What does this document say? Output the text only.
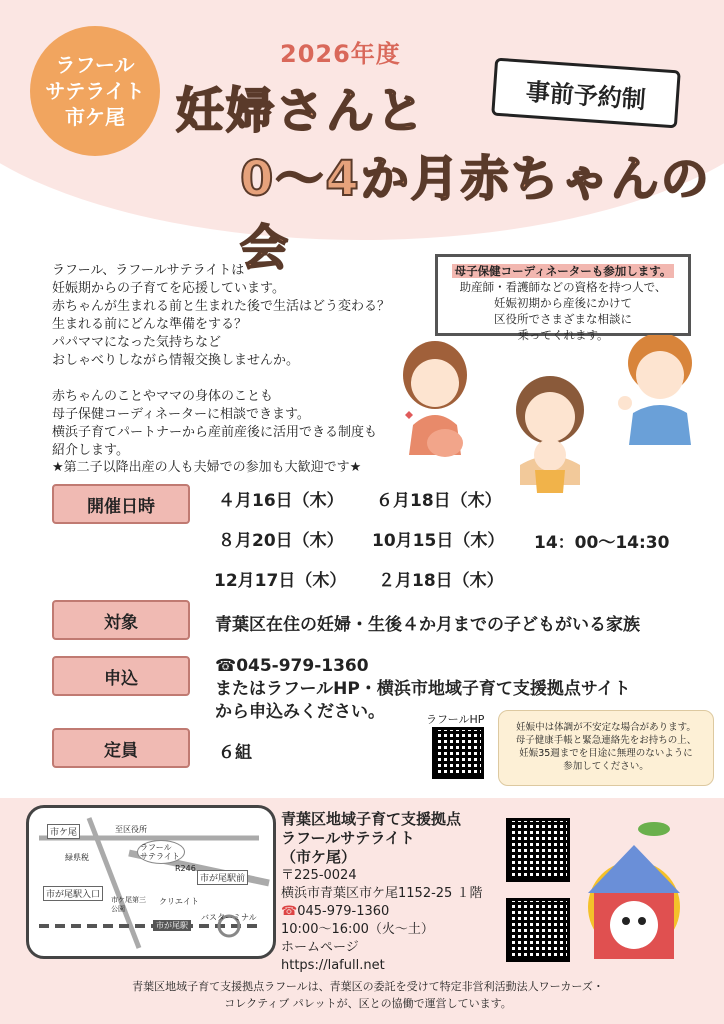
ラフール
サテライト
市ケ尾
2026年度
妊婦さんと
0～4か月赤ちゃんの会
事前予約制

ラフール、ラフールサテライトは
妊娠期からの子育てを応援しています。
赤ちゃんが生まれる前と生まれた後で生活はどう変わる？
生まれる前にどんな準備をする？
パパママになった気持ちなど
おしゃべりしながら情報交換しませんか。

赤ちゃんのことやママの身体のことも
母子保健コーディネーターに相談できます。
横浜子育てパートナーから産前産後に活用できる制度も
紹介します。

★第二子以降出産の人も夫婦での参加も大歓迎です★
母子保健コーディネーターも参加します。
助産師・看護師などの資格を持つ人で、
妊娠初期から産後にかけて
区役所でさまざまな相談に
乗ってくれます。
開催日時	４月16日（木） ６月18日（木）
８月20日（木） 10月15日（木） 14：00～14:30
12月17日（木） ２月18日（木）
対象	青葉区在住の妊婦・生後４か月までの子どもがいる家族
申込
☎045-979-1360
またはラフールHP・横浜市地域子育て支援拠点サイト
から申込みください。
定員	６組
ラフールHP
妊娠中は体調が不安定な場合があります。
母子健康手帳と緊急連絡先をお持ちの上、
妊娠35週までを目途に無理のないように
参加してください。
市ケ尾	至区役所
緑県税
ラフール サテライト
R246
市が尾駅前
市が尾駅入口	市ケ尾第三公園
クリエイト
バスターミナル
市が尾駅
青葉区地域子育て支援拠点
ラフールサテライト
（市ケ尾）
〒225-0024
横浜市青葉区市ケ尾1152-25 １階
☎045-979-1360
10:00～16:00（火～土）
ホームページ
https://lafull.net
青葉区地域子育て支援拠点ラフールは、青葉区の委託を受けて特定非営利活動法人ワーカーズ・
コレクティブ パレットが、区との協働で運営しています。
